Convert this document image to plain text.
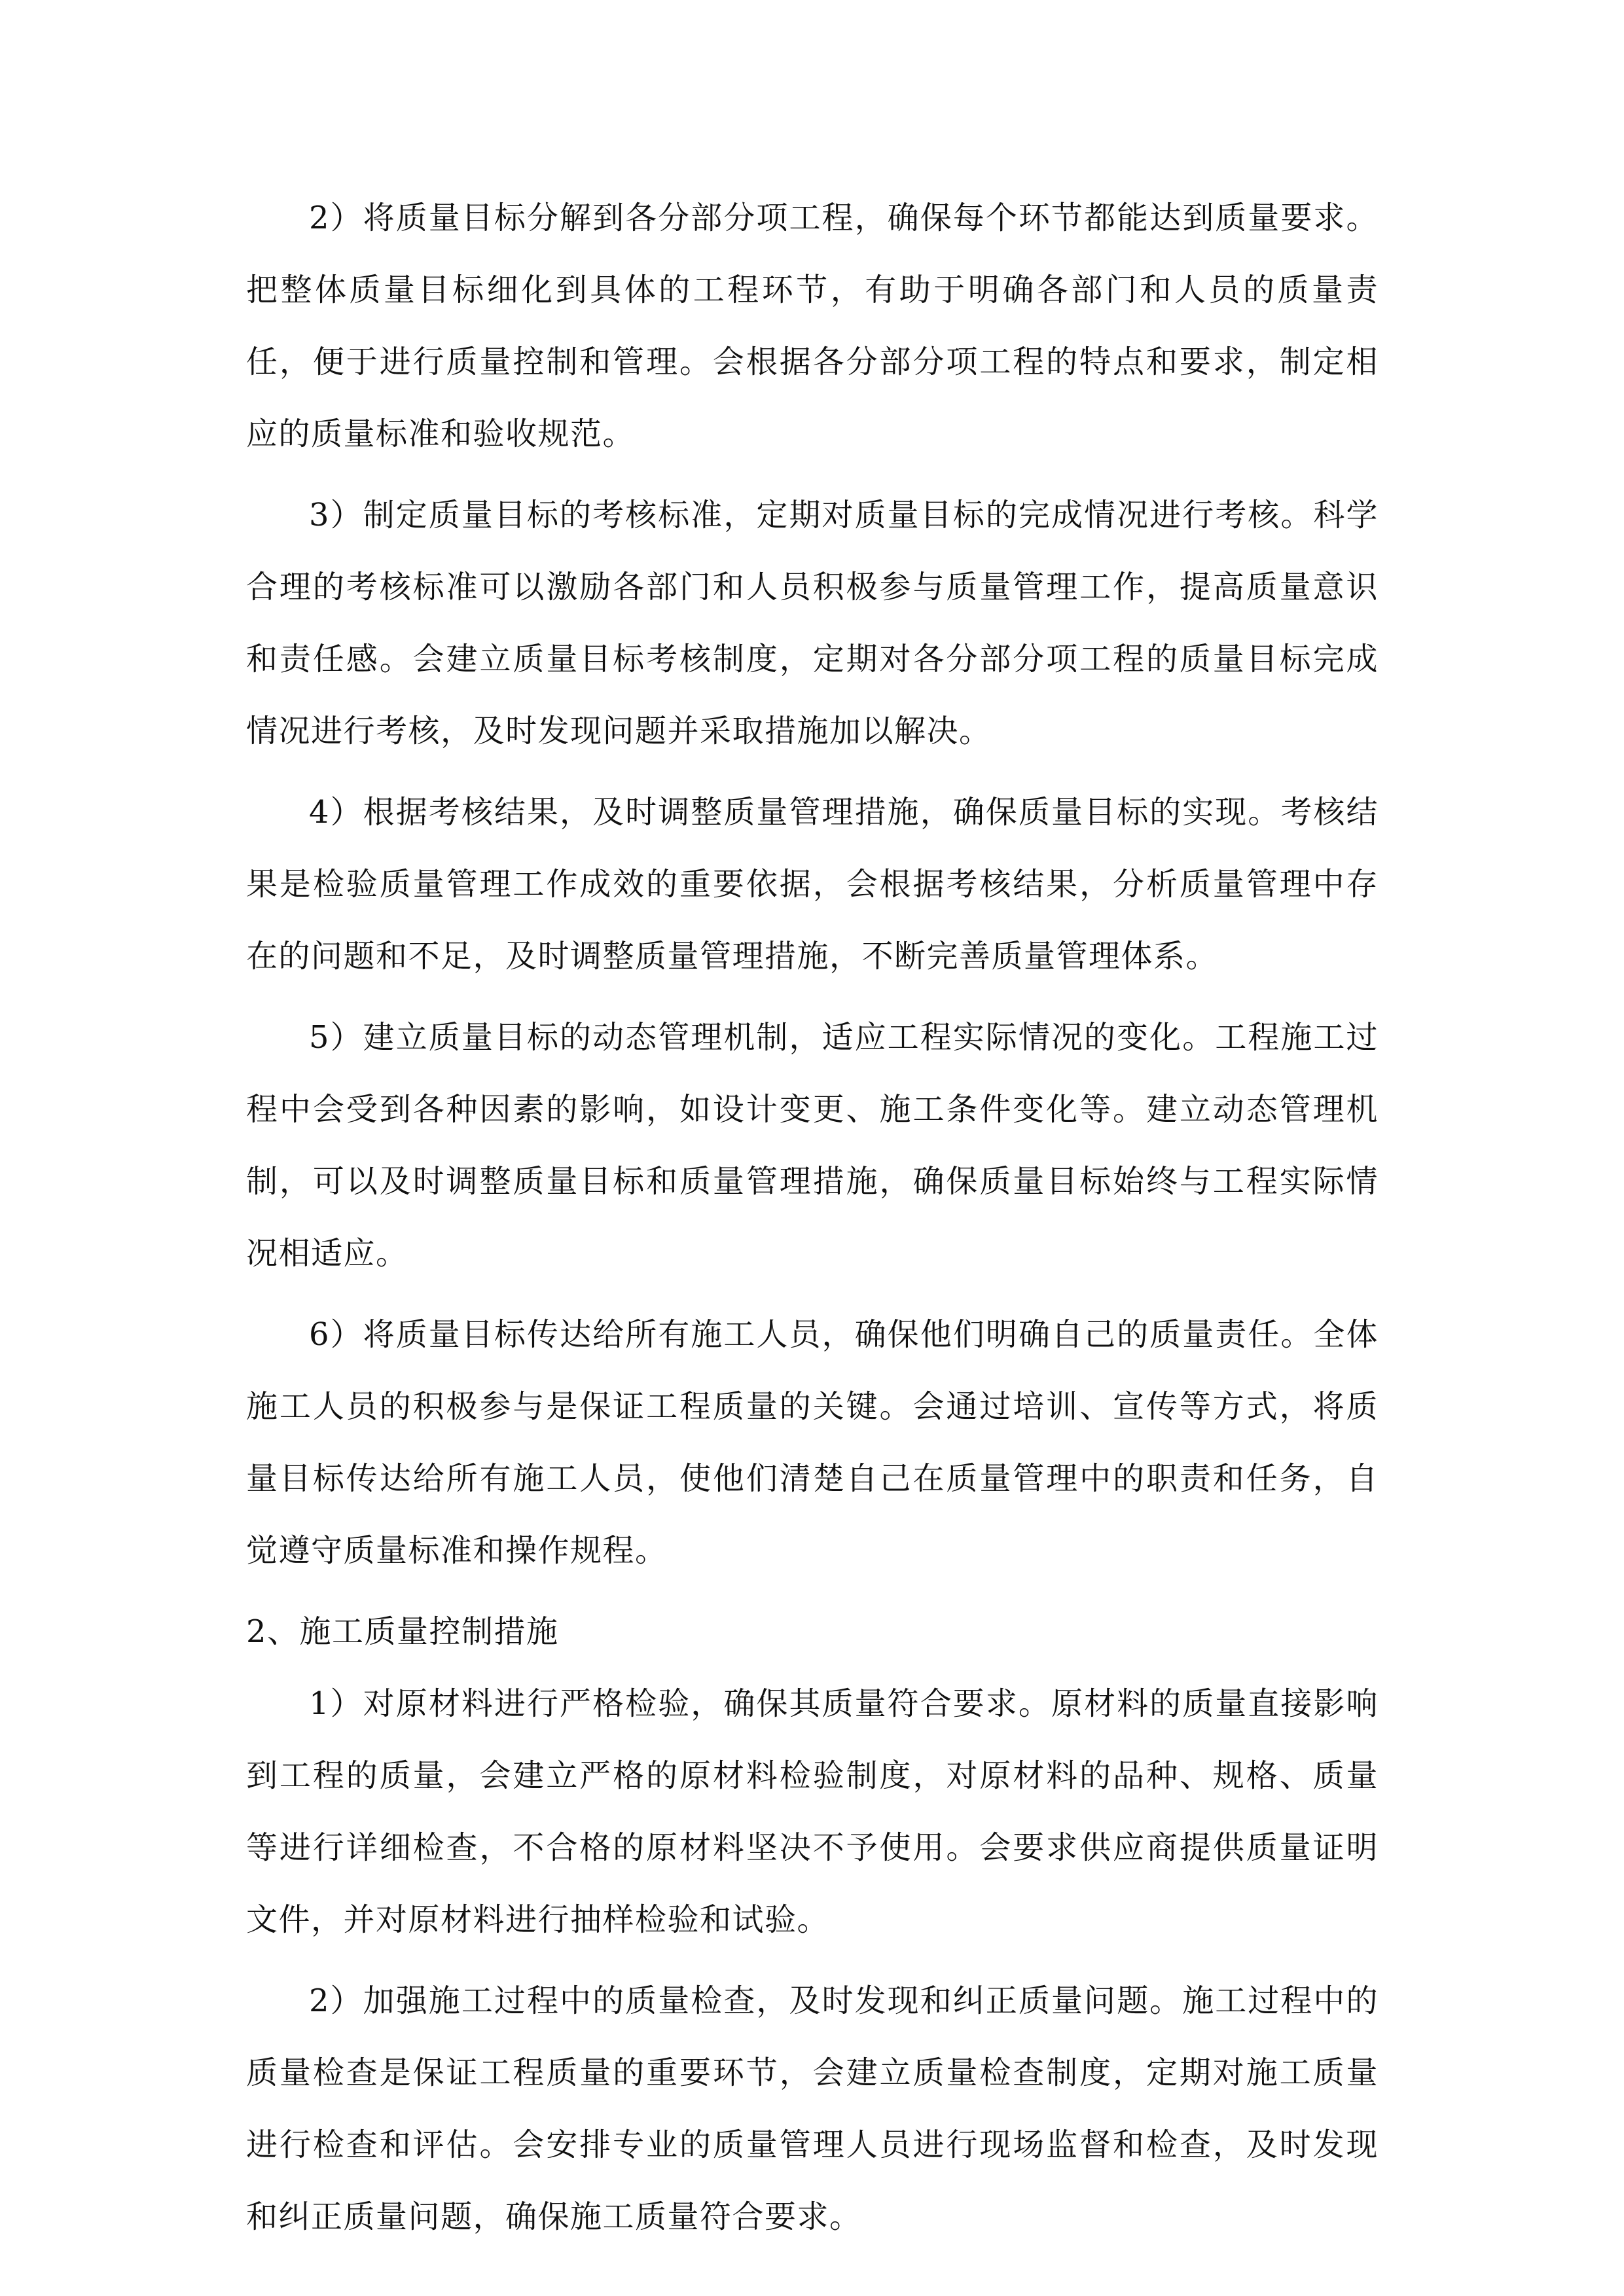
2）将质量目标分解到各分部分项工程，确保每个环节都能达到质量要求。把整体质量目标细化到具体的工程环节，有助于明确各部门和人员的质量责任，便于进行质量控制和管理。会根据各分部分项工程的特点和要求，制定相应的质量标准和验收规范。

3）制定质量目标的考核标准，定期对质量目标的完成情况进行考核。科学合理的考核标准可以激励各部门和人员积极参与质量管理工作，提高质量意识和责任感。会建立质量目标考核制度，定期对各分部分项工程的质量目标完成情况进行考核，及时发现问题并采取措施加以解决。

4）根据考核结果，及时调整质量管理措施，确保质量目标的实现。考核结果是检验质量管理工作成效的重要依据，会根据考核结果，分析质量管理中存在的问题和不足，及时调整质量管理措施，不断完善质量管理体系。

5）建立质量目标的动态管理机制，适应工程实际情况的变化。工程施工过程中会受到各种因素的影响，如设计变更、施工条件变化等。建立动态管理机制，可以及时调整质量目标和质量管理措施，确保质量目标始终与工程实际情况相适应。

6）将质量目标传达给所有施工人员，确保他们明确自己的质量责任。全体施工人员的积极参与是保证工程质量的关键。会通过培训、宣传等方式，将质量目标传达给所有施工人员，使他们清楚自己在质量管理中的职责和任务，自觉遵守质量标准和操作规程。

2、施工质量控制措施

1）对原材料进行严格检验，确保其质量符合要求。原材料的质量直接影响到工程的质量，会建立严格的原材料检验制度，对原材料的品种、规格、质量等进行详细检查，不合格的原材料坚决不予使用。会要求供应商提供质量证明文件，并对原材料进行抽样检验和试验。

2）加强施工过程中的质量检查，及时发现和纠正质量问题。施工过程中的质量检查是保证工程质量的重要环节，会建立质量检查制度，定期对施工质量进行检查和评估。会安排专业的质量管理人员进行现场监督和检查，及时发现和纠正质量问题，确保施工质量符合要求。
